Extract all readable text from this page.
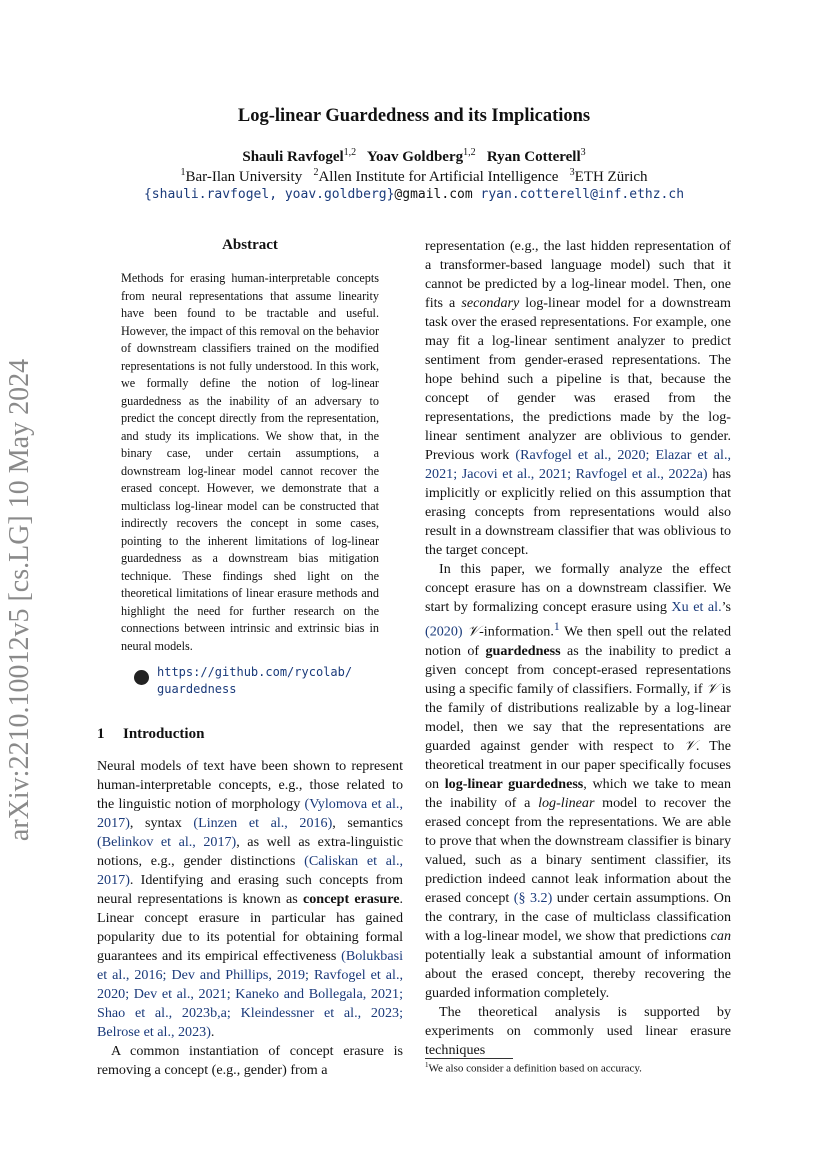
Log-linear Guardedness and its Implications
Shauli Ravfogel$^{1,2}$ Yoav Goldberg$^{1,2}$ Ryan Cotterell$^3$
$^1$Bar-Ilan University $^2$Allen Institute for Artificial Intelligence $^3$ETH Zürich
{shauli.ravfogel, yoav.goldberg}@gmail.com ryan.cotterell@inf.ethz.ch
arXiv:2210.10012v5 [cs.LG] 10 May 2024
Abstract
Methods for erasing human-interpretable concepts from neural representations that assume linearity have been found to be tractable and useful. However, the impact of this removal on the behavior of downstream classifiers trained on the modified representations is not fully understood. In this work, we formally define the notion of log-linear guardedness as the inability of an adversary to predict the concept directly from the representation, and study its implications. We show that, in the binary case, under certain assumptions, a downstream log-linear model cannot recover the erased concept. However, we demonstrate that a multiclass log-linear model can be constructed that indirectly recovers the concept in some cases, pointing to the inherent limitations of log-linear guardedness as a downstream bias mitigation technique. These findings shed light on the theoretical limitations of linear erasure methods and highlight the need for further research on the connections between intrinsic and extrinsic bias in neural models.
https://github.com/rycolab/
guardedness
1 Introduction

Neural models of text have been shown to represent human-interpretable concepts, e.g., those related to the linguistic notion of morphology (Vylomova et al., 2017), syntax (Linzen et al., 2016), semantics (Belinkov et al., 2017), as well as extra-linguistic notions, e.g., gender distinctions (Caliskan et al., 2017). Identifying and erasing such concepts from neural representations is known as concept erasure. Linear concept erasure in particular has gained popularity due to its potential for obtaining formal guarantees and its empirical effectiveness (Bolukbasi et al., 2016; Dev and Phillips, 2019; Ravfogel et al., 2020; Dev et al., 2021; Kaneko and Bollegala, 2021; Shao et al., 2023b,a; Kleindessner et al., 2023; Belrose et al., 2023).

A common instantiation of concept erasure is removing a concept (e.g., gender) from a

representation (e.g., the last hidden representation of a transformer-based language model) such that it cannot be predicted by a log-linear model. Then, one fits a secondary log-linear model for a downstream task over the erased representations. For example, one may fit a log-linear sentiment analyzer to predict sentiment from gender-erased representations. The hope behind such a pipeline is that, because the concept of gender was erased from the representations, the predictions made by the log-linear sentiment analyzer are oblivious to gender. Previous work (Ravfogel et al., 2020; Elazar et al., 2021; Jacovi et al., 2021; Ravfogel et al., 2022a) has implicitly or explicitly relied on this assumption that erasing concepts from representations would also result in a downstream classifier that was oblivious to the target concept.

In this paper, we formally analyze the effect concept erasure has on a downstream classifier. We start by formalizing concept erasure using Xu et al.’s (2020) 𝒱-information.$^1$ We then spell out the related notion of guardedness as the inability to predict a given concept from concept-erased representations using a specific family of classifiers. Formally, if 𝒱 is the family of distributions realizable by a log-linear model, then we say that the representations are guarded against gender with respect to 𝒱. The theoretical treatment in our paper specifically focuses on log-linear guardedness, which we take to mean the inability of a log-linear model to recover the erased concept from the representations. We are able to prove that when the downstream classifier is binary valued, such as a binary sentiment classifier, its prediction indeed cannot leak information about the erased concept (§ 3.2) under certain assumptions. On the contrary, in the case of multiclass classification with a log-linear model, we show that predictions can potentially leak a substantial amount of information about the erased concept, thereby recovering the guarded information completely.

The theoretical analysis is supported by experiments on commonly used linear erasure techniques

$^1$We also consider a definition based on accuracy.
